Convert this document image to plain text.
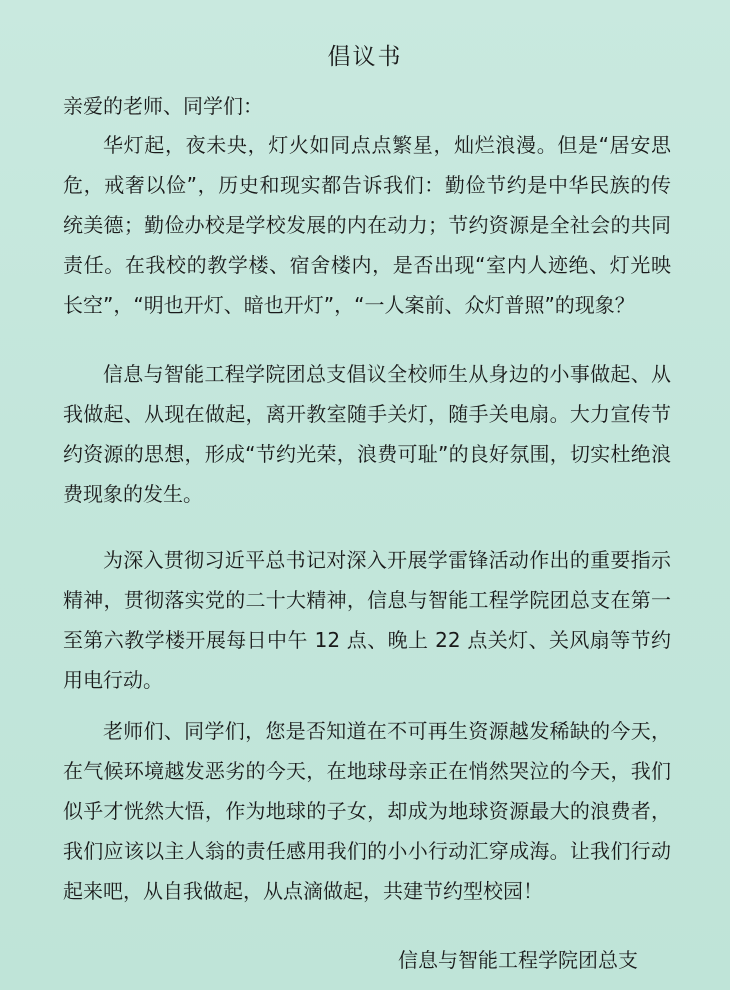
倡议书
亲爱的老师、同学们：

华灯起，夜未央，灯火如同点点繁星，灿烂浪漫。但是“居安思危，戒奢以俭”，历史和现实都告诉我们：勤俭节约是中华民族的传统美德；勤俭办校是学校发展的内在动力；节约资源是全社会的共同责任。在我校的教学楼、宿舍楼内，是否出现“室内人迹绝、灯光映长空”，“明也开灯、暗也开灯”，“一人案前、众灯普照”的现象？

信息与智能工程学院团总支倡议全校师生从身边的小事做起、从我做起、从现在做起，离开教室随手关灯，随手关电扇。大力宣传节约资源的思想，形成“节约光荣，浪费可耻”的良好氛围，切实杜绝浪费现象的发生。

为深入贯彻习近平总书记对深入开展学雷锋活动作出的重要指示精神，贯彻落实党的二十大精神，信息与智能工程学院团总支在第一至第六教学楼开展每日中午 12 点、晚上 22 点关灯、关风扇等节约用电行动。

老师们、同学们，您是否知道在不可再生资源越发稀缺的今天，在气候环境越发恶劣的今天，在地球母亲正在悄然哭泣的今天，我们似乎才恍然大悟，作为地球的子女，却成为地球资源最大的浪费者，我们应该以主人翁的责任感用我们的小小行动汇穿成海。让我们行动起来吧，从自我做起，从点滴做起，共建节约型校园！

信息与智能工程学院团总支
